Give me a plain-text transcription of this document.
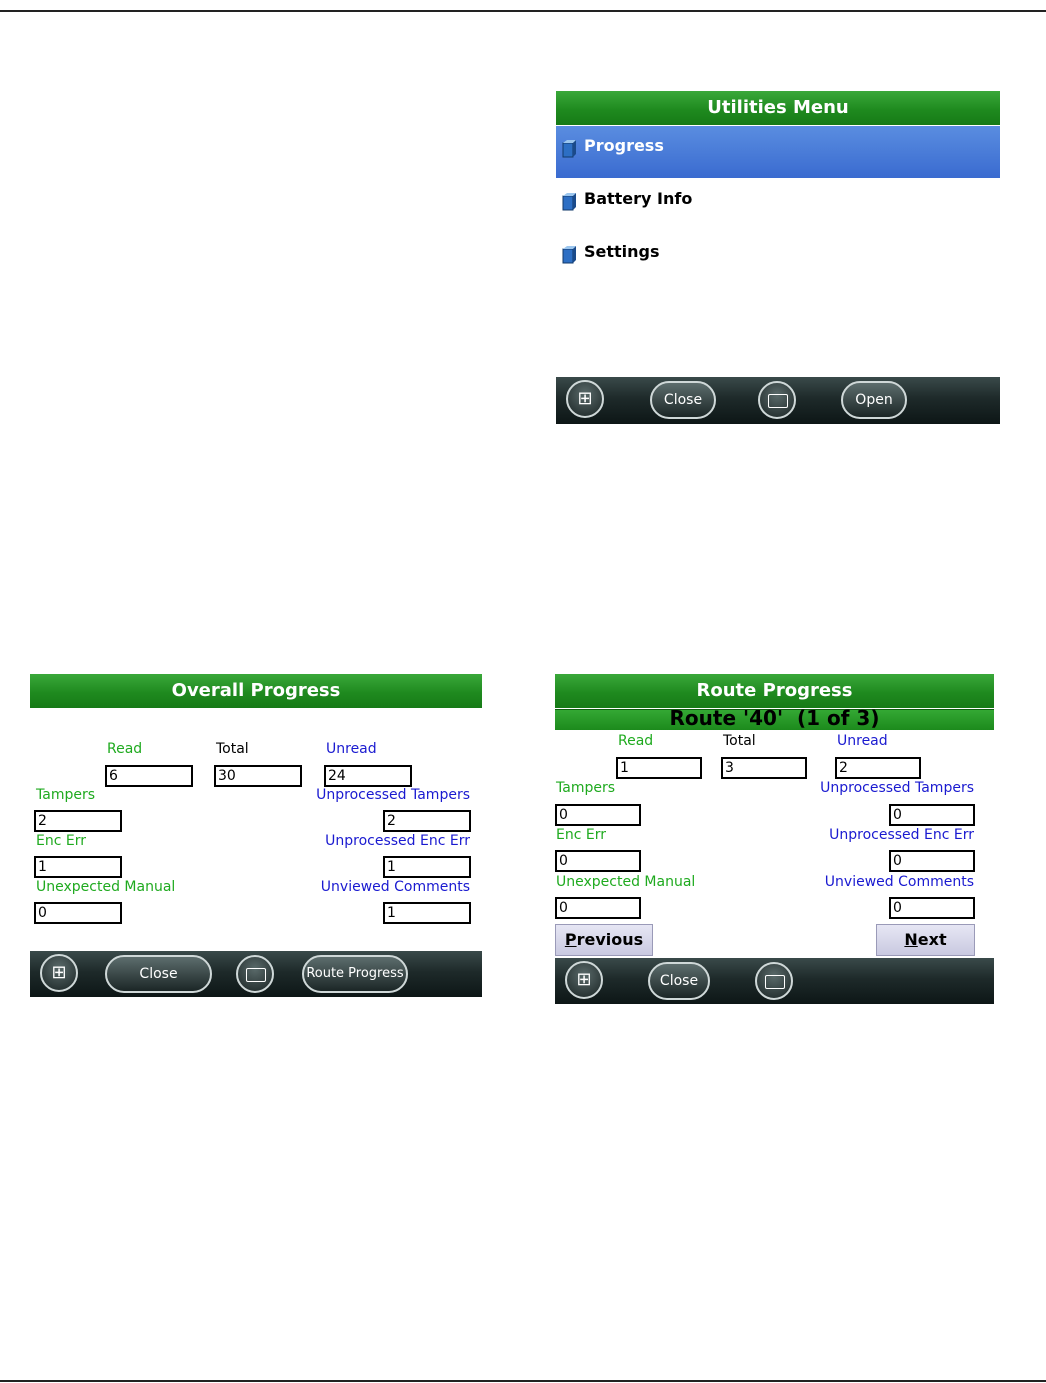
Utilities Menu
Progress
Battery Info
Settings
⊞	Close	Open
Overall Progress
Read	Total	Unread
6	30	24
Tampers	Unprocessed Tampers
2	2
Enc Err	Unprocessed Enc Err
1	1
Unexpected Manual	Unviewed Comments
0	1
⊞	Close	Route Progress
Route Progress
Route '40'  (1 of 3)
Read	Total	Unread
1	3	2
Tampers	Unprocessed Tampers
0	0
Enc Err	Unprocessed Enc Err
0	0
Unexpected Manual	Unviewed Comments
0	0
Previous	Next
⊞	Close
